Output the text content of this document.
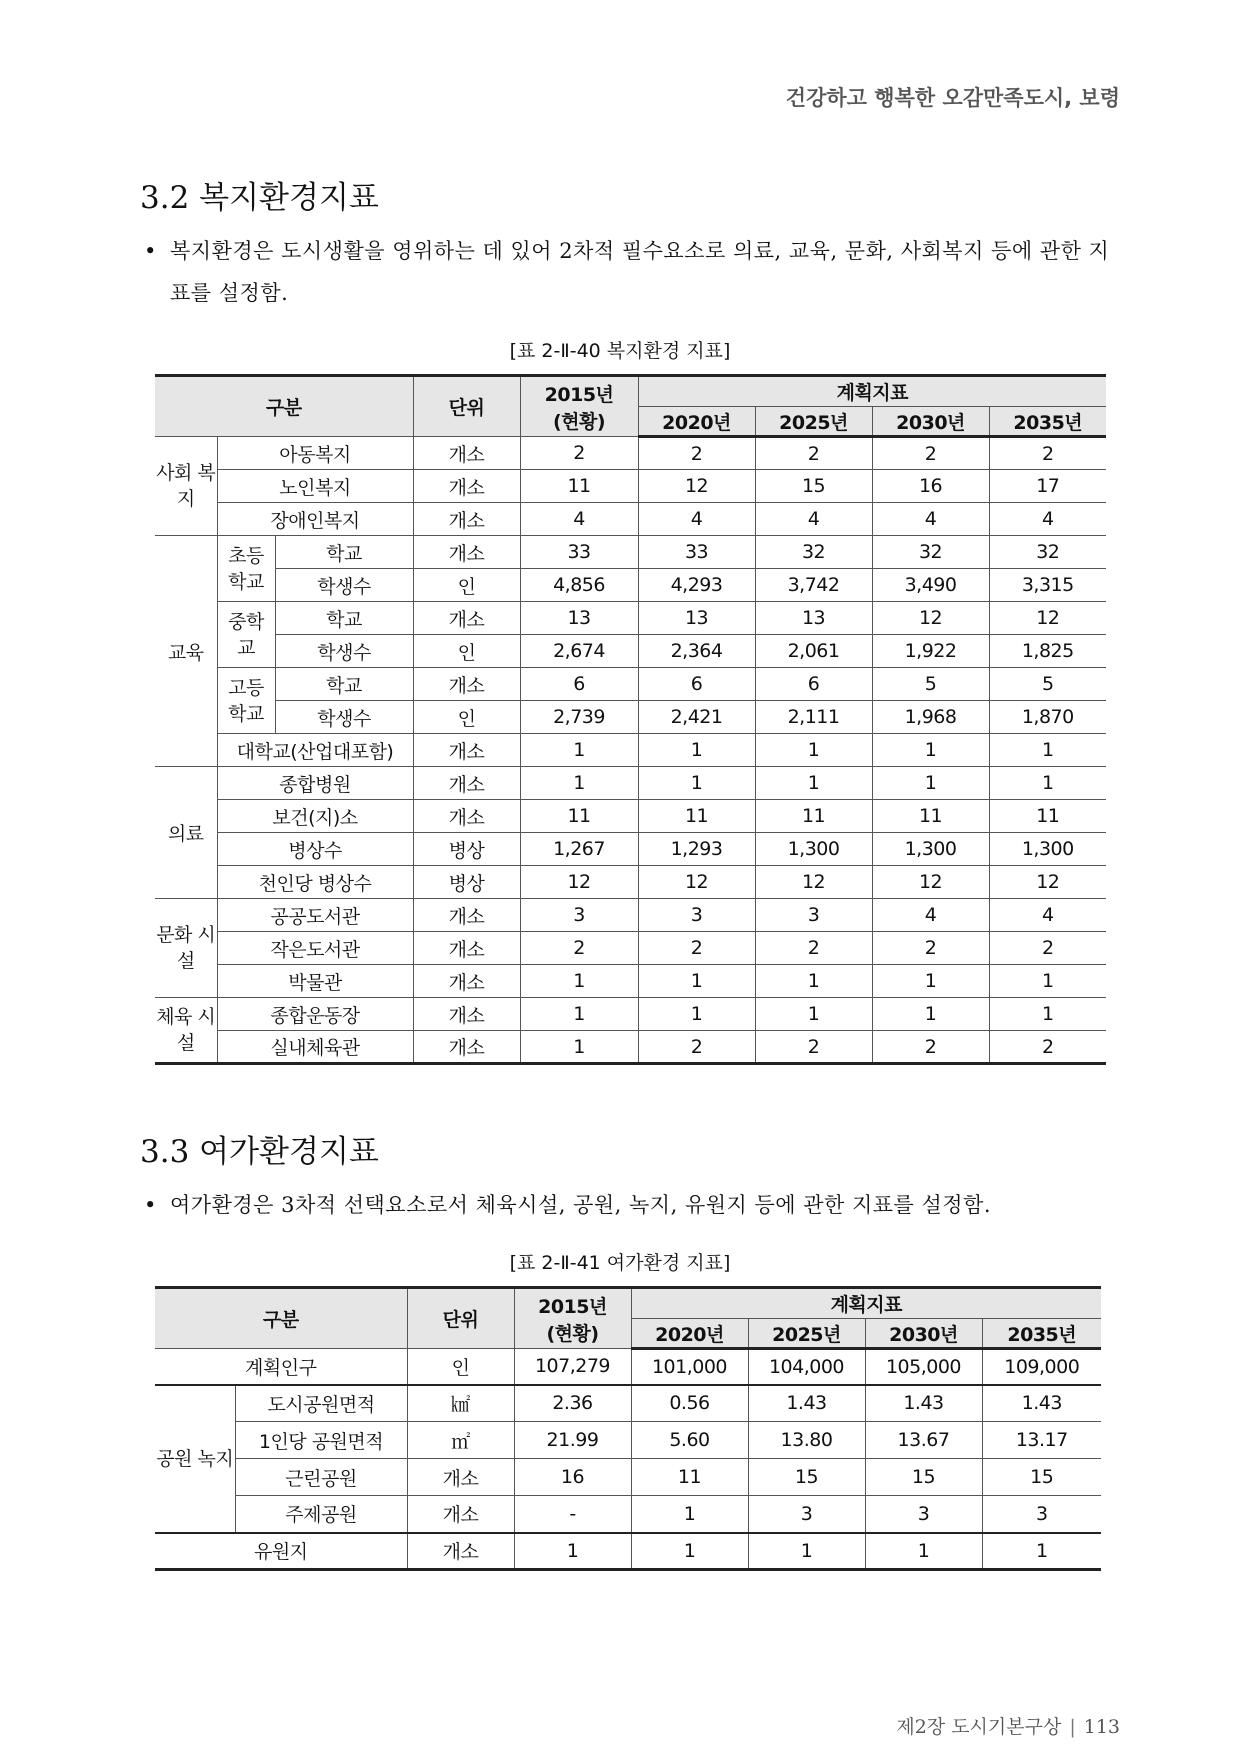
건강하고 행복한 오감만족도시, 보령
3.2 복지환경지표
• 복지환경은 도시생활을 영위하는 데 있어 2차적 필수요소로 의료, 교육, 문화, 사회복지 등에 관한 지표를 설정함.
[표 2-Ⅱ-40 복지환경 지표]
구분			단위	2015년
(현황)	계획지표			
					2020년	2025년	2030년	2035년
사회 복지	아동복지		개소	2	2	2	2	2
	노인복지		개소	11	12	15	16	17
	장애인복지		개소	4	4	4	4	4
교육	초등 학교	학교	개소	33	33	32	32	32
		학생수	인	4,856	4,293	3,742	3,490	3,315
	중학 교	학교	개소	13	13	13	12	12
		학생수	인	2,674	2,364	2,061	1,922	1,825
	고등 학교	학교	개소	6	6	6	5	5
		학생수	인	2,739	2,421	2,111	1,968	1,870
	대학교(산업대포함)		개소	1	1	1	1	1
의료	종합병원		개소	1	1	1	1	1
	보건(지)소		개소	11	11	11	11	11
	병상수		병상	1,267	1,293	1,300	1,300	1,300
	천인당 병상수		병상	12	12	12	12	12
문화 시설	공공도서관		개소	3	3	3	4	4
	작은도서관		개소	2	2	2	2	2
	박물관		개소	1	1	1	1	1
체육 시설	종합운동장		개소	1	1	1	1	1
	실내체육관		개소	1	2	2	2	2
3.3 여가환경지표
• 여가환경은 3차적 선택요소로서 체육시설, 공원, 녹지, 유원지 등에 관한 지표를 설정함.
[표 2-Ⅱ-41 여가환경 지표]
구분		단위	2015년
(현황)	계획지표			
				2020년	2025년	2030년	2035년
계획인구		인	107,279	101,000	104,000	105,000	109,000
공원 녹지	도시공원면적	㎢	2.36	0.56	1.43	1.43	1.43
	1인당 공원면적	㎡	21.99	5.60	13.80	13.67	13.17
	근린공원	개소	16	11	15	15	15
	주제공원	개소	-	1	3	3	3
유원지		개소	1	1	1	1	1
제2장 도시기본구상 | 113
